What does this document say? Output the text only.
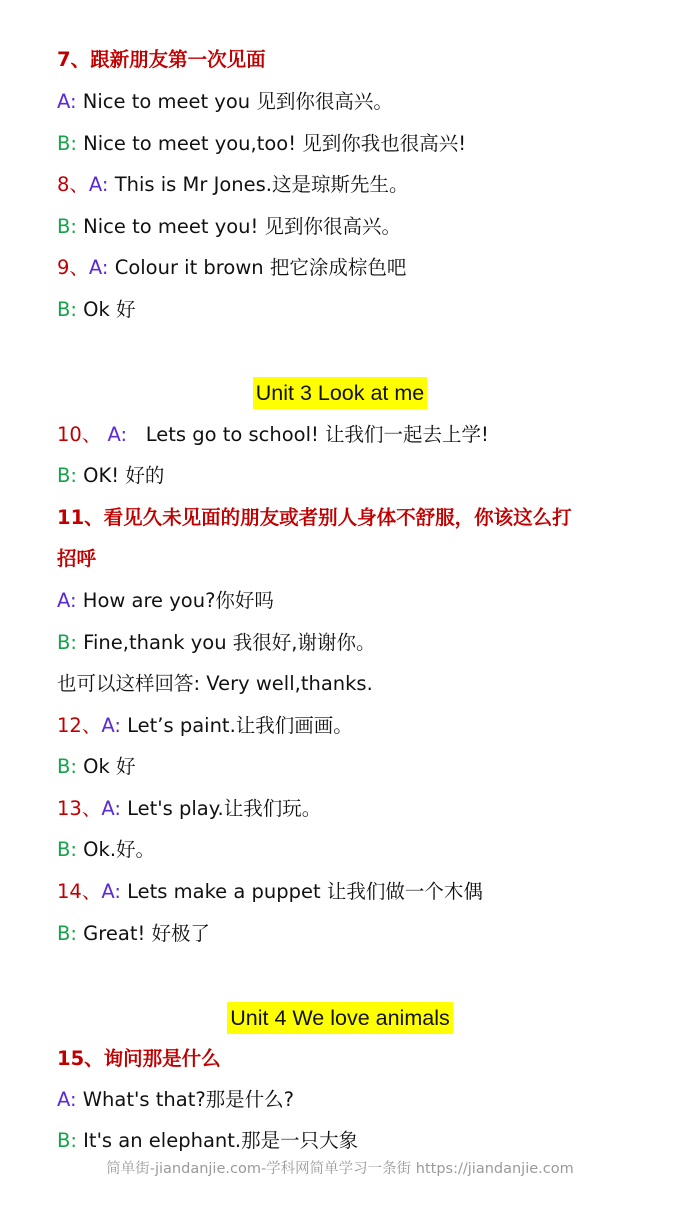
7、跟新朋友第一次见面
A: Nice to meet you 见到你很高兴。
B: Nice to meet you,too! 见到你我也很高兴!
8、A: This is Mr Jones.这是琼斯先生。
B: Nice to meet you! 见到你很高兴。
9、A: Colour it brown 把它涂成棕色吧
B: Ok 好
Unit 3 Look at me
10、 A:   Lets go to school! 让我们一起去上学!
B: OK! 好的
11、看见久未见面的朋友或者别人身体不舒服，你该这么打
招呼
A: How are you?你好吗
B: Fine,thank you 我很好,谢谢你。
也可以这样回答: Very well,thanks.
12、A: Let’s paint.让我们画画。
B: Ok 好
13、A: Let's play.让我们玩。
B: Ok.好。
14、A: Lets make a puppet 让我们做一个木偶
B: Great! 好极了
Unit 4 We love animals
15、询问那是什么
A: What's that?那是什么?
B: It's an elephant.那是一只大象
简单街-jiandanjie.com-学科网简单学习一条街 https://jiandanjie.com
